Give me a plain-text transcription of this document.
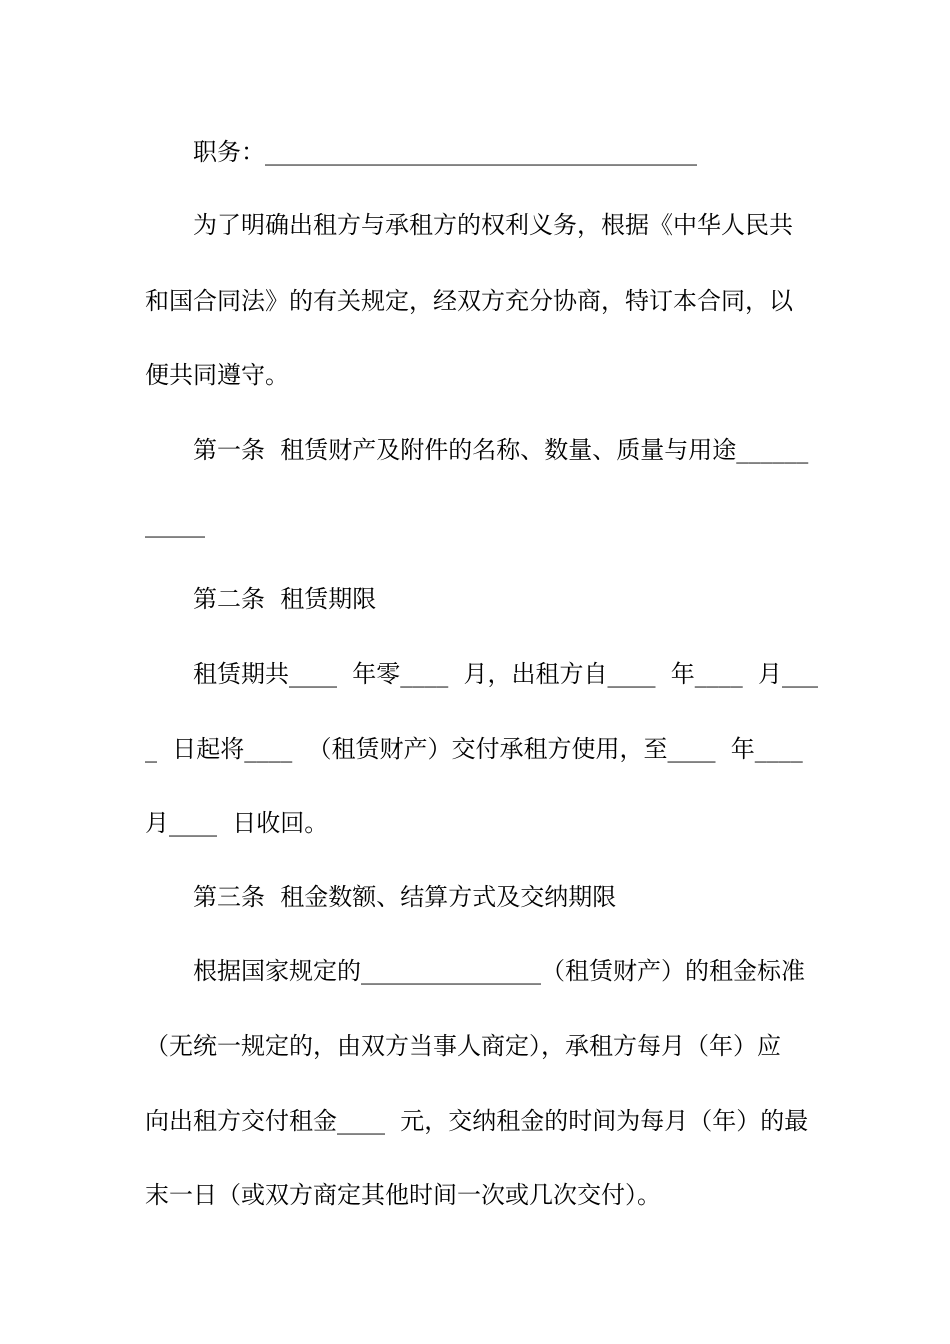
职务：____________________________________
为了明确出租方与承租方的权利义务，根据《中华人民共
和国合同法》的有关规定，经双方充分协商，特订本合同，以
便共同遵守。
第一条  租赁财产及附件的名称、数量、质量与用途______
_____
第二条  租赁期限
租赁期共____  年零____  月，出租方自____  年____  月___
_  日起将____  （租赁财产）交付承租方使用，至____  年____
月____  日收回。
第三条  租金数额、结算方式及交纳期限
根据国家规定的_______________（租赁财产）的租金标准
（无统一规定的，由双方当事人商定），承租方每月（年）应
向出租方交付租金____  元，交纳租金的时间为每月（年）的最
末一日（或双方商定其他时间一次或几次交付）。
